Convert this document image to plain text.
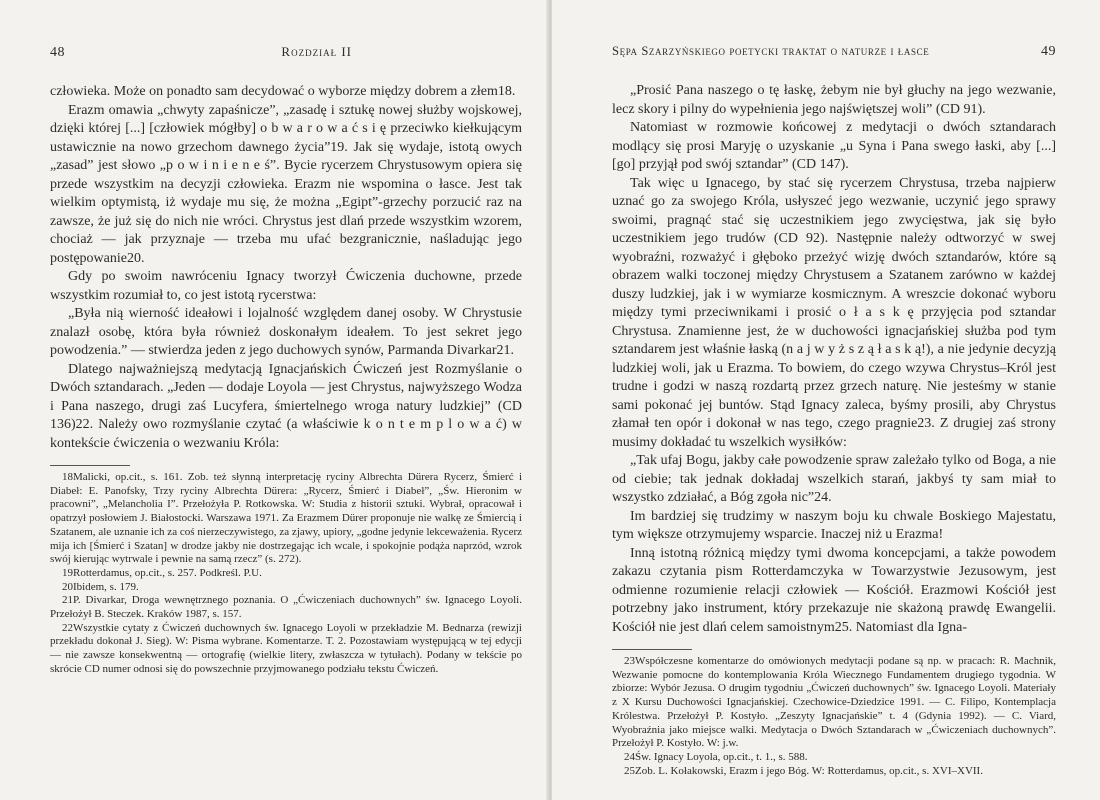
48	Rozdział II

człowieka. Może on ponadto sam decydować o wyborze między dobrem a złem18.

Erazm omawia „chwyty zapaśnicze”, „zasadę i sztukę nowej służby wojskowej, dzięki której [...] [człowiek mógłby] o b w a r o w a ć s i ę przeciwko kiełkującym ustawicznie na nowo grzechom dawnego życia”19. Jak się wydaje, istotą owych „zasad” jest słowo „p o w i n i e n e ś”. Bycie rycerzem Chrystusowym opiera się przede wszystkim na decyzji człowieka. Erazm nie wspomina o łasce. Jest tak wielkim optymistą, iż wydaje mu się, że można „Egipt”-grzechy porzucić raz na zawsze, że już się do nich nie wróci. Chrystus jest dlań przede wszystkim wzorem, chociaż — jak przyznaje — trzeba mu ufać bezgranicznie, naśladując jego postępowanie20.

Gdy po swoim nawróceniu Ignacy tworzył Ćwiczenia duchowne, przede wszystkim rozumiał to, co jest istotą rycerstwa:

„Była nią wierność ideałowi i lojalność względem danej osoby. W Chrystusie znalazł osobę, która była również doskonałym ideałem. To jest sekret jego powodzenia.” — stwierdza jeden z jego duchowych synów, Parmanda Divarkar21.

Dlatego najważniejszą medytacją Ignacjańskich Ćwiczeń jest Rozmyślanie o Dwóch sztandarach. „Jeden — dodaje Loyola — jest Chrystus, najwyższego Wodza i Pana naszego, drugi zaś Lucyfera, śmiertelnego wroga natury ludzkiej” (CD 136)22. Należy owo rozmyślanie czytać (a właściwie k o n t e m p l o w a ć) w kontekście ćwiczenia o wezwaniu Króla:

18Malicki, op.cit., s. 161. Zob. też słynną interpretację ryciny Albrechta Dürera Rycerz, Śmierć i Diabeł: E. Panofsky, Trzy ryciny Albrechta Dürera: „Rycerz, Śmierć i Diabeł”, „Św. Hieronim w pracowni”, „Melancholia I”. Przełożyła P. Rotkowska. W: Studia z historii sztuki. Wybrał, opracował i opatrzył posłowiem J. Białostocki. Warszawa 1971. Za Erazmem Dürer proponuje nie walkę ze Śmiercią i Szatanem, ale uznanie ich za coś nierzeczywistego, za zjawy, upiory, „godne jedynie lekceważenia. Rycerz mija ich [Śmierć i Szatan] w drodze jakby nie dostrzegając ich wcale, i spokojnie podąża naprzód, wzrok swój kierując wytrwale i pewnie na samą rzecz” (s. 272).

19Rotterdamus, op.cit., s. 257. Podkreśl. P.U.

20Ibidem, s. 179.

21P. Divarkar, Droga wewnętrznego poznania. O „Ćwiczeniach duchownych” św. Ignacego Loyoli. Przełożył B. Steczek. Kraków 1987, s. 157.

22Wszystkie cytaty z Ćwiczeń duchownych św. Ignacego Loyoli w przekładzie M. Bednarza (rewizji przekładu dokonał J. Sieg). W: Pisma wybrane. Komentarze. T. 2. Pozostawiam występującą w tej edycji — nie zawsze konsekwentną — ortografię (wielkie litery, zwłaszcza w tytułach). Podany w tekście po skrócie CD numer odnosi się do powszechnie przyjmowanego podziału tekstu Ćwiczeń.

Sępa Szarzyńskiego poetycki traktat o naturze i łasce	49

„Prosić Pana naszego o tę łaskę, żebym nie był głuchy na jego wezwanie, lecz skory i pilny do wypełnienia jego najświętszej woli” (CD 91).

Natomiast w rozmowie końcowej z medytacji o dwóch sztandarach modlący się prosi Maryję o uzyskanie „u Syna i Pana swego łaski, aby [...] [go] przyjął pod swój sztandar” (CD 147).

Tak więc u Ignacego, by stać się rycerzem Chrystusa, trzeba najpierw uznać go za swojego Króla, usłyszeć jego wezwanie, uczynić jego sprawy swoimi, pragnąć stać się uczestnikiem jego zwycięstwa, jak się było uczestnikiem jego trudów (CD 92). Następnie należy odtworzyć w swej wyobraźni, rozważyć i głęboko przeżyć wizję dwóch sztandarów, które są obrazem walki toczonej między Chrystusem a Szatanem zarówno w każdej duszy ludzkiej, jak i w wymiarze kosmicznym. A wreszcie dokonać wyboru między tymi przeciwnikami i prosić o ł a s k ę przyjęcia pod sztandar Chrystusa. Znamienne jest, że w duchowości ignacjańskiej służba pod tym sztandarem jest właśnie łaską (n a j w y ż s z ą ł a s k ą!), a nie jedynie decyzją ludzkiej woli, jak u Erazma. To bowiem, do czego wzywa Chrystus–Król jest trudne i godzi w naszą rozdartą przez grzech naturę. Nie jesteśmy w stanie sami pokonać jej buntów. Stąd Ignacy zaleca, byśmy prosili, aby Chrystus złamał ten opór i dokonał w nas tego, czego pragnie23. Z drugiej zaś strony musimy dokładać tu wszelkich wysiłków:

„Tak ufaj Bogu, jakby całe powodzenie spraw zależało tylko od Boga, a nie od ciebie; tak jednak dokładaj wszelkich starań, jakbyś ty sam miał to wszystko zdziałać, a Bóg zgoła nic”24.

Im bardziej się trudzimy w naszym boju ku chwale Boskiego Majestatu, tym większe otrzymujemy wsparcie. Inaczej niż u Erazma!

Inną istotną różnicą między tymi dwoma koncepcjami, a także powodem zakazu czytania pism Rotterdamczyka w Towarzystwie Jezusowym, jest odmienne rozumienie relacji człowiek — Kościół. Erazmowi Kościół jest potrzebny jako instrument, który przekazuje nie skażoną prawdę Ewangelii. Kościół nie jest dlań celem samoistnym25. Natomiast dla Igna-

23Współczesne komentarze do omówionych medytacji podane są np. w pracach: R. Machnik, Wezwanie pomocne do kontemplowania Króla Wiecznego Fundamentem drugiego tygodnia. W zbiorze: Wybór Jezusa. O drugim tygodniu „Ćwiczeń duchownych” św. Ignacego Loyoli. Materiały z X Kursu Duchowości Ignacjańskiej. Czechowice-Dziedzice 1991. — C. Filipo, Kontemplacja Królestwa. Przełożył P. Kostyło. „Zeszyty Ignacjańskie” t. 4 (Gdynia 1992). — C. Viard, Wyobraźnia jako miejsce walki. Medytacja o Dwóch Sztandarach w „Ćwiczeniach duchownych”. Przełożył P. Kostyło. W: j.w.

24Św. Ignacy Loyola, op.cit., t. 1., s. 588.

25Zob. L. Kołakowski, Erazm i jego Bóg. W: Rotterdamus, op.cit., s. XVI–XVII.
